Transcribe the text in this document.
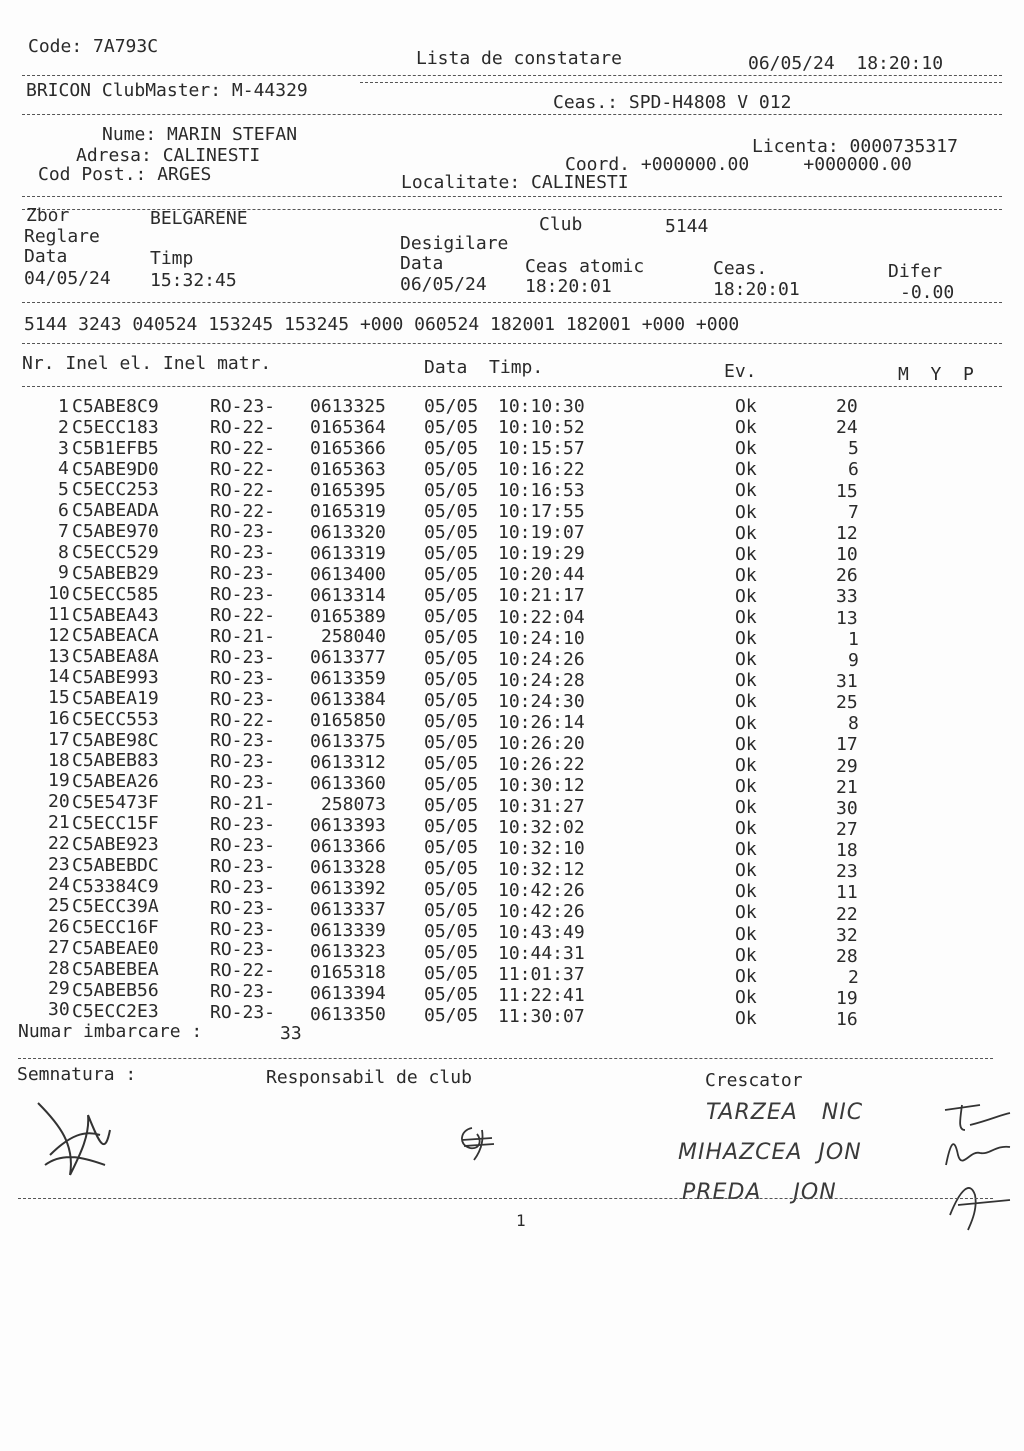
Code: 7A793C
Lista de constatare	06/05/24  18:20:10
BRICON ClubMaster: M-44329
Ceas.: SPD-H4808 V 012
Nume: MARIN STEFAN
Adresa: CALINESTI
Cod Post.: ARGES
Licenta: 0000735317
Coord. +000000.00     +000000.00
Localitate: CALINESTI
Zbor	BELGARENE	Club	5144
Reglare	Desigilare
Data	Timp	Data	Ceas atomic	Ceas.	Difer
04/05/24 15:32:45	06/05/24 18:20:01	18:20:01	-0.00
5144 3243 040524 153245 153245 +000 060524 182001 182001 +000 +000
Nr. Inel el. Inel matr.	Data  Timp.	Ev.	M  Y  P
1 C5ABE8C9	RO-23- 0613325 05/05 10:10:30	Ok	20
2 C5ECC183	RO-22- 0165364 05/05 10:10:52	Ok	24
3 C5B1EFB5	RO-22- 0165366 05/05 10:15:57	Ok	5
4 C5ABE9D0	RO-22- 0165363 05/05 10:16:22	Ok	6
5 C5ECC253	RO-22- 0165395 05/05 10:16:53	Ok	15
6 C5ABEADA	RO-22- 0165319 05/05 10:17:55	Ok	7
7 C5ABE970	RO-23- 0613320 05/05 10:19:07	Ok	12
8 C5ECC529	RO-23- 0613319 05/05 10:19:29	Ok	10
9 C5ABEB29	RO-23- 0613400 05/05 10:20:44	Ok	26
10 C5ECC585	RO-23- 0613314 05/05 10:21:17	Ok	33
11 C5ABEA43	RO-22- 0165389 05/05 10:22:04	Ok	13
12 C5ABEACA	RO-21-	258040 05/05 10:24:10	Ok	1
13 C5ABEA8A	RO-23- 0613377 05/05 10:24:26	Ok	9
14 C5ABE993	RO-23- 0613359 05/05 10:24:28	Ok	31
15 C5ABEA19	RO-23- 0613384 05/05 10:24:30	Ok	25
16 C5ECC553	RO-22- 0165850 05/05 10:26:14	Ok	8
17 C5ABE98C	RO-23- 0613375 05/05 10:26:20	Ok	17
18 C5ABEB83	RO-23- 0613312 05/05 10:26:22	Ok	29
19 C5ABEA26	RO-23- 0613360 05/05 10:30:12	Ok	21
20 C5E5473F	RO-21-	258073 05/05 10:31:27	Ok	30
21 C5ECC15F	RO-23- 0613393 05/05 10:32:02	Ok	27
22 C5ABE923	RO-23- 0613366 05/05 10:32:10	Ok	18
23 C5ABEBDC	RO-23- 0613328 05/05 10:32:12	Ok	23
24 C53384C9	RO-23- 0613392 05/05 10:42:26	Ok	11
25 C5ECC39A	RO-23- 0613337 05/05 10:42:26	Ok	22
26 C5ECC16F	RO-23- 0613339 05/05 10:43:49	Ok	32
27 C5ABEAE0	RO-23- 0613323 05/05 10:44:31	Ok	28
28 C5ABEBEA	RO-22- 0165318 05/05 11:01:37	Ok	2
29 C5ABEB56	RO-23- 0613394 05/05 11:22:41	Ok	19
30 C5ECC2E3	RO-23- 0613350 05/05 11:30:07	Ok	16
Numar imbarcare :	33
Semnatura :	Responsabil de club	Crescator
TARZEA   NIC
MIHAZCEA  JON
PREDA    JON
1
